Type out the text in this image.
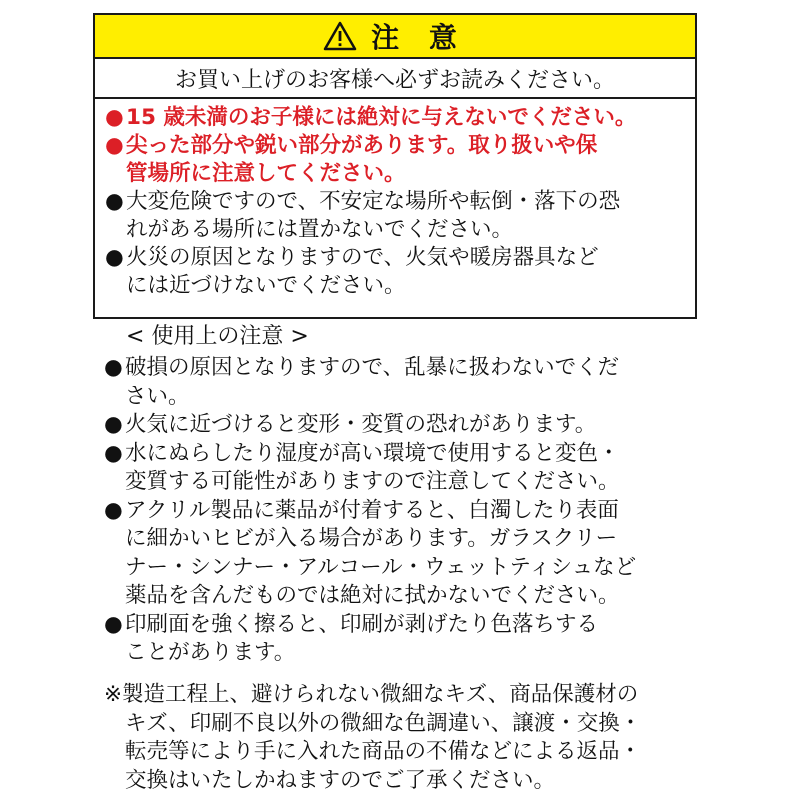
注 意
お買い上げのお客様へ必ずお読みください。
● 15 歳未満のお子様には絶対に与えないでください。
● 尖った部分や鋭い部分があります。取り扱いや保
管場所に注意してください。
● 大変危険ですので、不安定な場所や転倒・落下の恐
れがある場所には置かないでください。
● 火災の原因となりますので、火気や暖房器具など
には近づけないでください。
< 使用上の注意 >
● 破損の原因となりますので、乱暴に扱わないでくだ
さい。
● 火気に近づけると変形・変質の恐れがあります。
● 水にぬらしたり湿度が高い環境で使用すると変色・
変質する可能性がありますので注意してください。
● アクリル製品に薬品が付着すると、白濁したり表面
に細かいヒビが入る場合があります。ガラスクリー
ナー・シンナー・アルコール・ウェットティシュなど
薬品を含んだものでは絶対に拭かないでください。
● 印刷面を強く擦ると、印刷が剥げたり色落ちする
ことがあります。
※製造工程上、避けられない微細なキズ、商品保護材の
キズ、印刷不良以外の微細な色調違い、譲渡・交換・
転売等により手に入れた商品の不備などによる返品・
交換はいたしかねますのでご了承ください。
